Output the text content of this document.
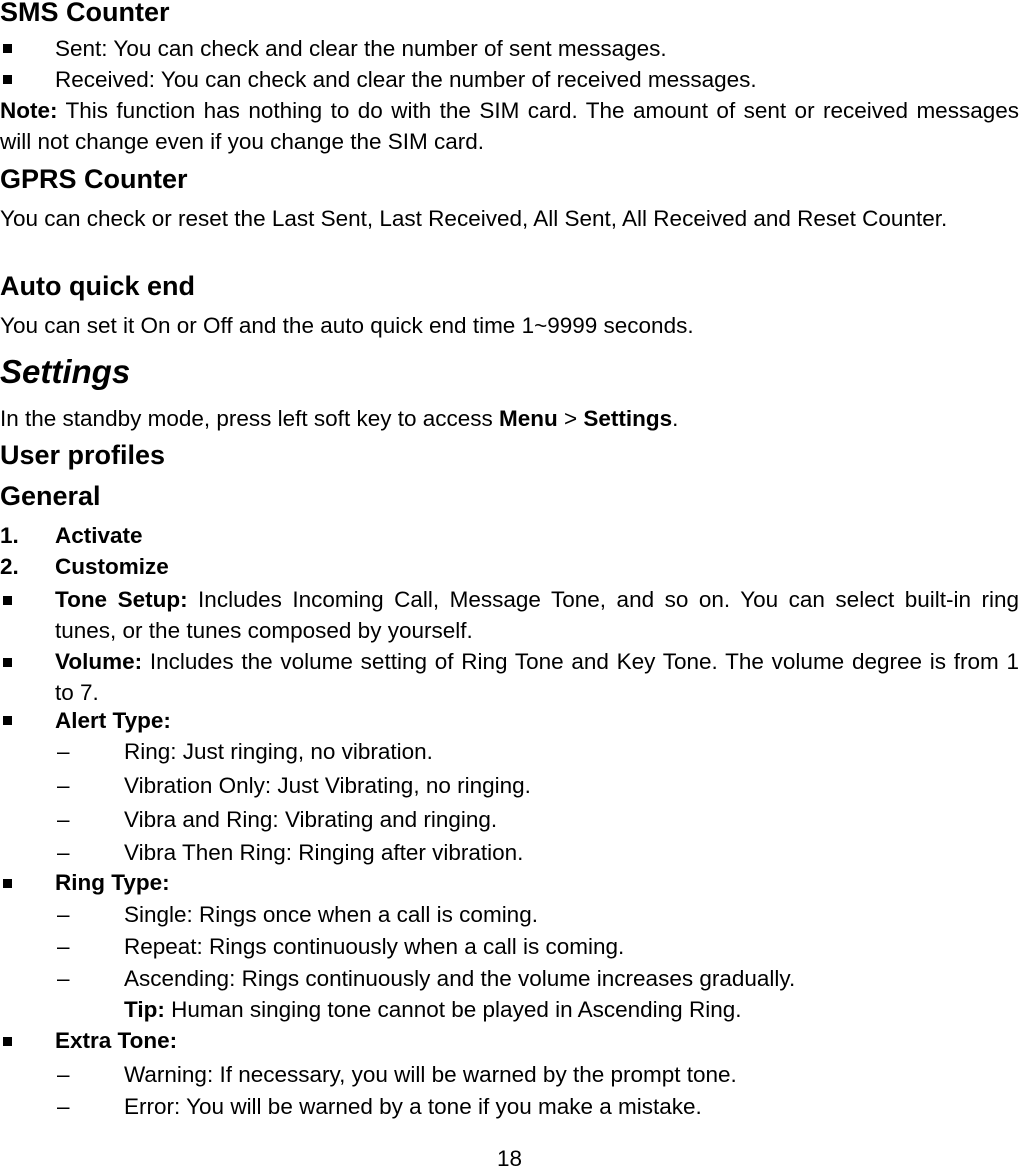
SMS Counter
Sent: You can check and clear the number of sent messages.
Received: You can check and clear the number of received messages.
Note: This function has nothing to do with the SIM card. The amount of sent or received messages will not change even if you change the SIM card.
GPRS Counter
You can check or reset the Last Sent, Last Received, All Sent, All Received and Reset Counter.
Auto quick end
You can set it On or Off and the auto quick end time 1~9999 seconds.
Settings
In the standby mode, press left soft key to access Menu > Settings.
User profiles
General
1. Activate
2. Customize
Tone Setup: Includes Incoming Call, Message Tone, and so on. You can select built-in ring tunes, or the tunes composed by yourself.
Volume: Includes the volume setting of Ring Tone and Key Tone. The volume degree is from 1 to 7.
Alert Type:
– Ring: Just ringing, no vibration.
– Vibration Only: Just Vibrating, no ringing.
– Vibra and Ring: Vibrating and ringing.
– Vibra Then Ring: Ringing after vibration.
Ring Type:
– Single: Rings once when a call is coming.
– Repeat: Rings continuously when a call is coming.
– Ascending: Rings continuously and the volume increases gradually.
Tip: Human singing tone cannot be played in Ascending Ring.
Extra Tone:
– Warning: If necessary, you will be warned by the prompt tone.
– Error: You will be warned by a tone if you make a mistake.
18
